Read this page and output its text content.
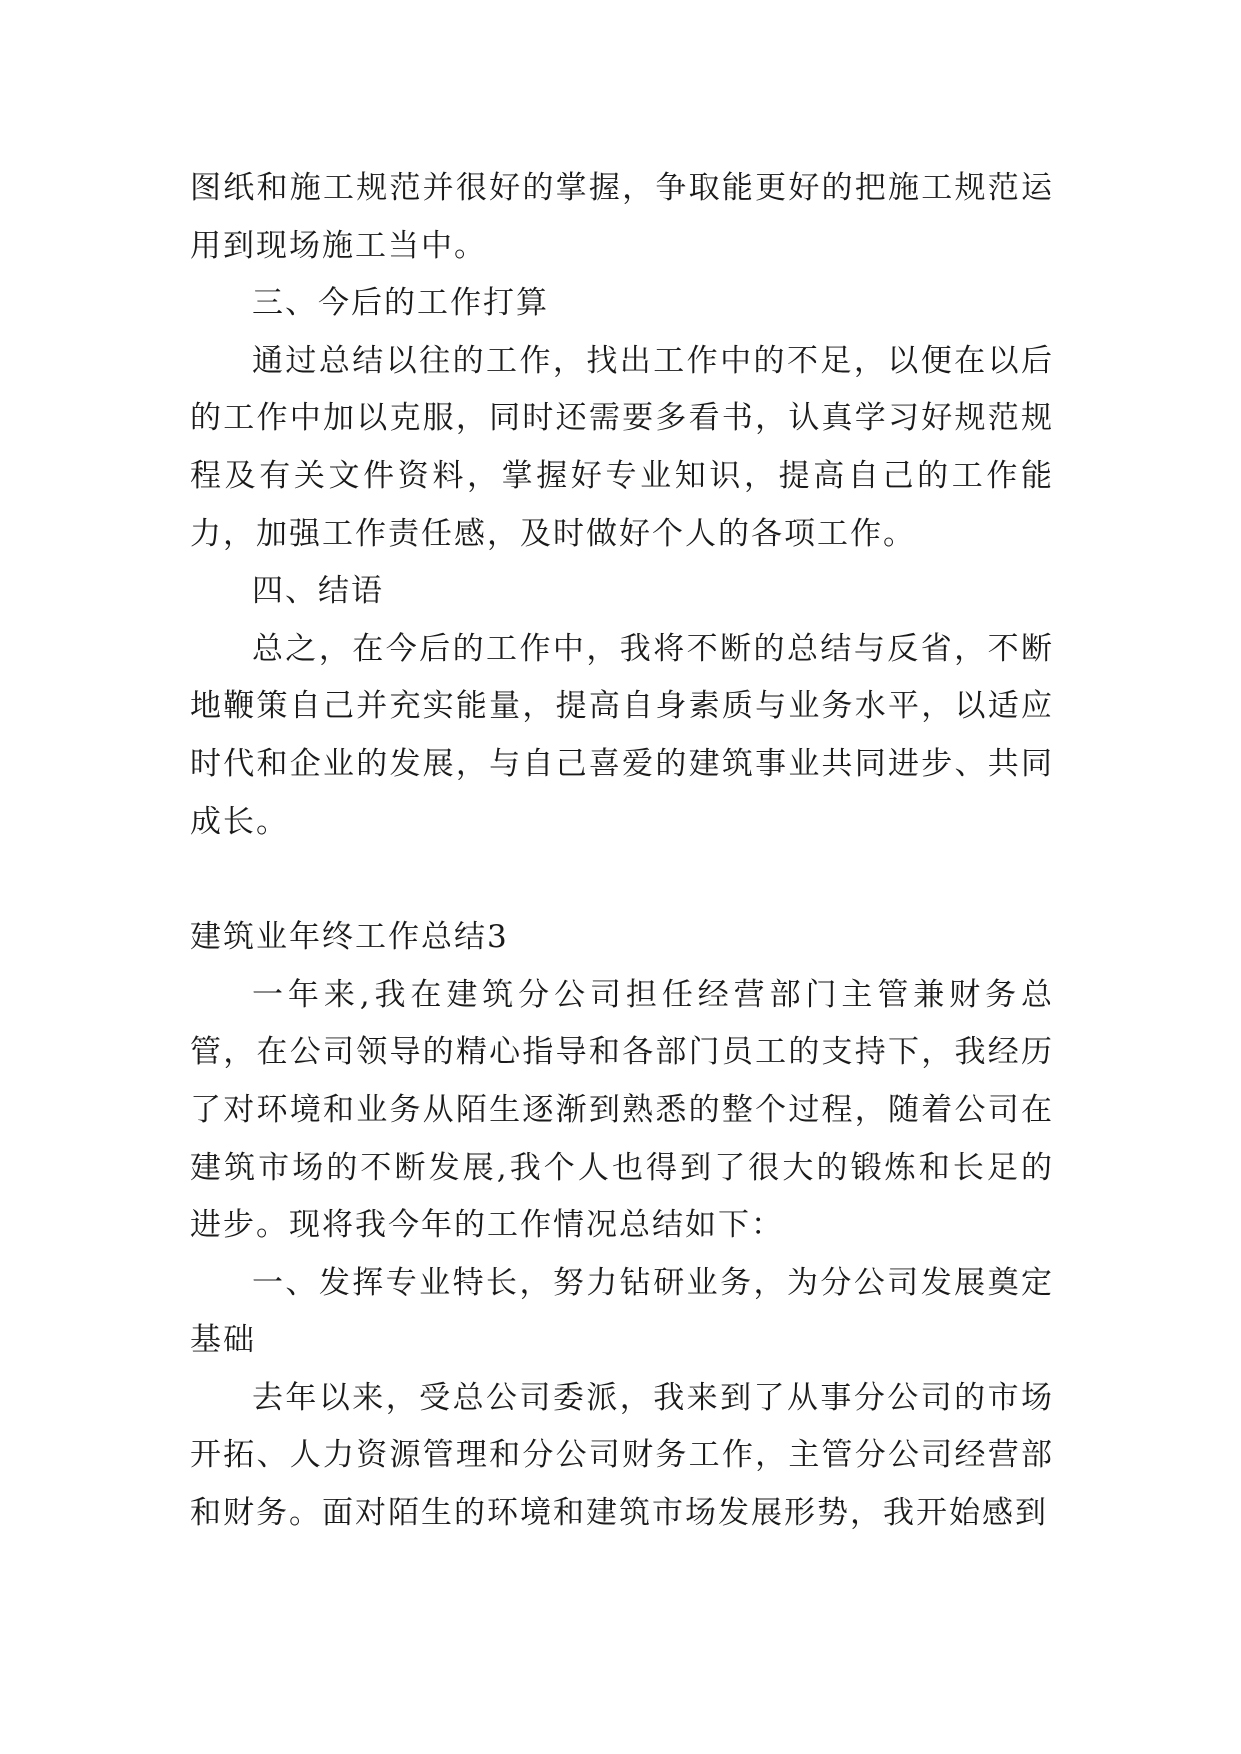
图纸和施工规范并很好的掌握，争取能更好的把施工规范运用到现场施工当中。

三、今后的工作打算

通过总结以往的工作，找出工作中的不足，以便在以后的工作中加以克服，同时还需要多看书，认真学习好规范规程及有关文件资料，掌握好专业知识，提高自己的工作能力，加强工作责任感，及时做好个人的各项工作。

四、结语

总之，在今后的工作中，我将不断的总结与反省，不断地鞭策自己并充实能量，提高自身素质与业务水平，以适应时代和企业的发展，与自己喜爱的建筑事业共同进步、共同成长。

建筑业年终工作总结3

一年来,我在建筑分公司担任经营部门主管兼财务总管，在公司领导的精心指导和各部门员工的支持下，我经历了对环境和业务从陌生逐渐到熟悉的整个过程，随着公司在建筑市场的不断发展,我个人也得到了很大的锻炼和长足的进步。现将我今年的工作情况总结如下：

一、发挥专业特长，努力钻研业务，为分公司发展奠定基础

去年以来，受总公司委派，我来到了从事分公司的市场开拓、人力资源管理和分公司财务工作，主管分公司经营部和财务。面对陌生的环境和建筑市场发展形势，我开始感到
